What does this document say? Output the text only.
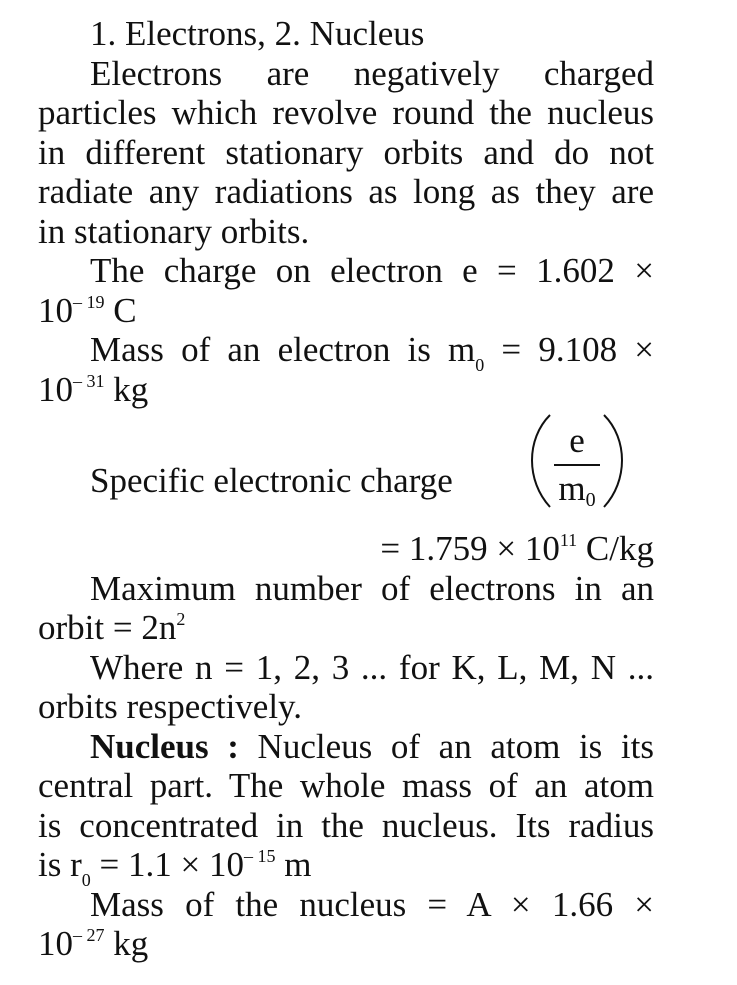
1. Electrons, 2. Nucleus
Electrons are negatively charged
particles which revolve round the nucleus
in different stationary orbits and do not
radiate any radiations as long as they are
in stationary orbits.
The charge on electron e = 1.602 ×
$10^{- 19}$ C
Mass of an electron is $m_0 = 9.108$ ×
$10^{- 31}$ kg
Specific electronic charge
e
$m_0$
= $1.759 \times 10^{11}$ C/kg
Maximum number of electrons in an
orbit = $2n^2$
Where n = 1, 2, 3 ... for K, L, M, N ...
orbits respectively.
Nucleus : Nucleus of an atom is its
central part. The whole mass of an atom
is concentrated in the nucleus. Its radius
is $r_0 = 1.1 \times 10^{- 15}$ m
Mass of the nucleus = A × 1.66 ×
$10^{- 27}$ kg
